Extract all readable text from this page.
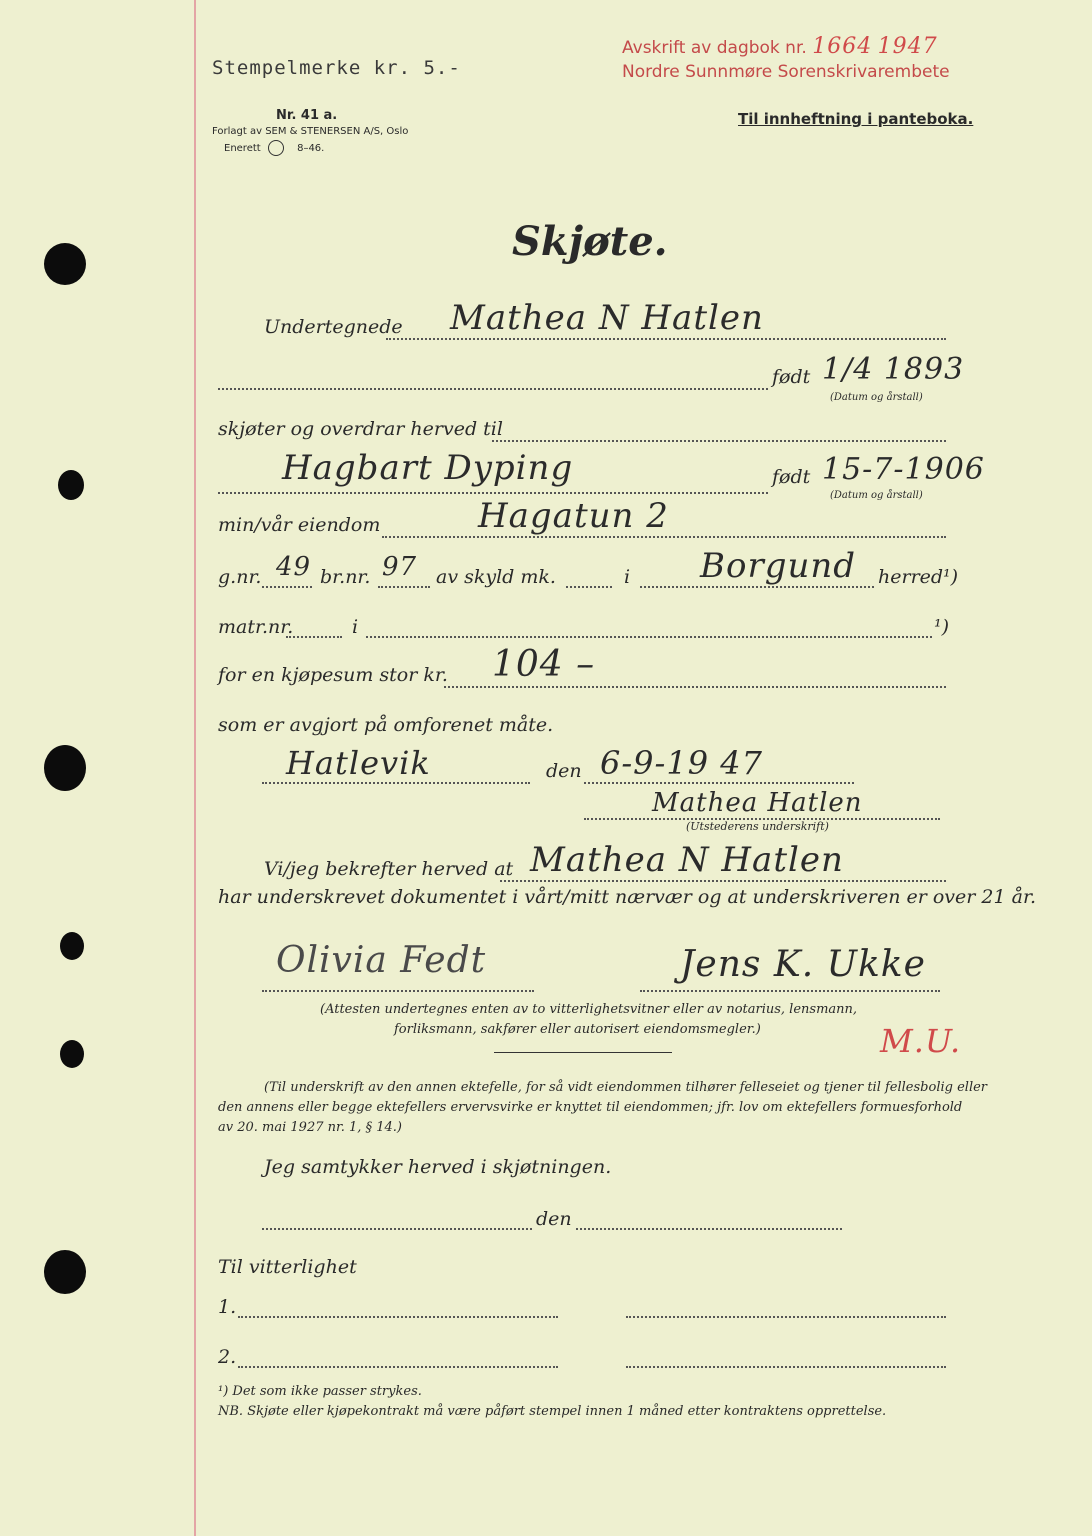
Stempelmerke kr. 5.-
Avskrift av dagbok nr. 1664 1947
Nordre Sunnmøre Sorenskrivarembete
Nr. 41 a.
Forlagt av SEM & STENERSEN A/S, Oslo
Enerett	8–46.
Til innheftning i panteboka.
Skjøte.
Undertegnede Mathea N Hatlen
født 1/4 1893
(Datum og årstall)
skjøter og overdrar herved til
Hagbart Dyping	født 15-7-1906
(Datum og årstall)
min/vår eiendom	Hagatun 2
g.nr. 49 br.nr. 97 av skyld mk.	i Borgund herred¹)
matr.nr.	i	¹)
for en kjøpesum stor kr. 104 –
som er avgjort på omforenet måte.
Hatlevik	den 6-9-19 47
Mathea Hatlen
(Utstederens underskrift)
Vi/jeg bekrefter herved at Mathea N Hatlen
har underskrevet dokumentet i vårt/mitt nærvær og at underskriveren er over 21 år.
Olivia Fedt	Jens K. Ukke
(Attesten undertegnes enten av to vitterlighetsvitner eller av notarius, lensmann,
forliksmann, sakfører eller autorisert eiendomsmegler.)	M.U.
(Til underskrift av den annen ektefelle, for så vidt eiendommen tilhører felleseiet og tjener til fellesbolig eller
den annens eller begge ektefellers ervervsvirke er knyttet til eiendommen; jfr. lov om ektefellers formuesforhold
av 20. mai 1927 nr. 1, § 14.)
Jeg samtykker herved i skjøtningen.
den
Til vitterlighet
1.
2.
¹) Det som ikke passer strykes.
NB. Skjøte eller kjøpekontrakt må være påført stempel innen 1 måned etter kontraktens opprettelse.
